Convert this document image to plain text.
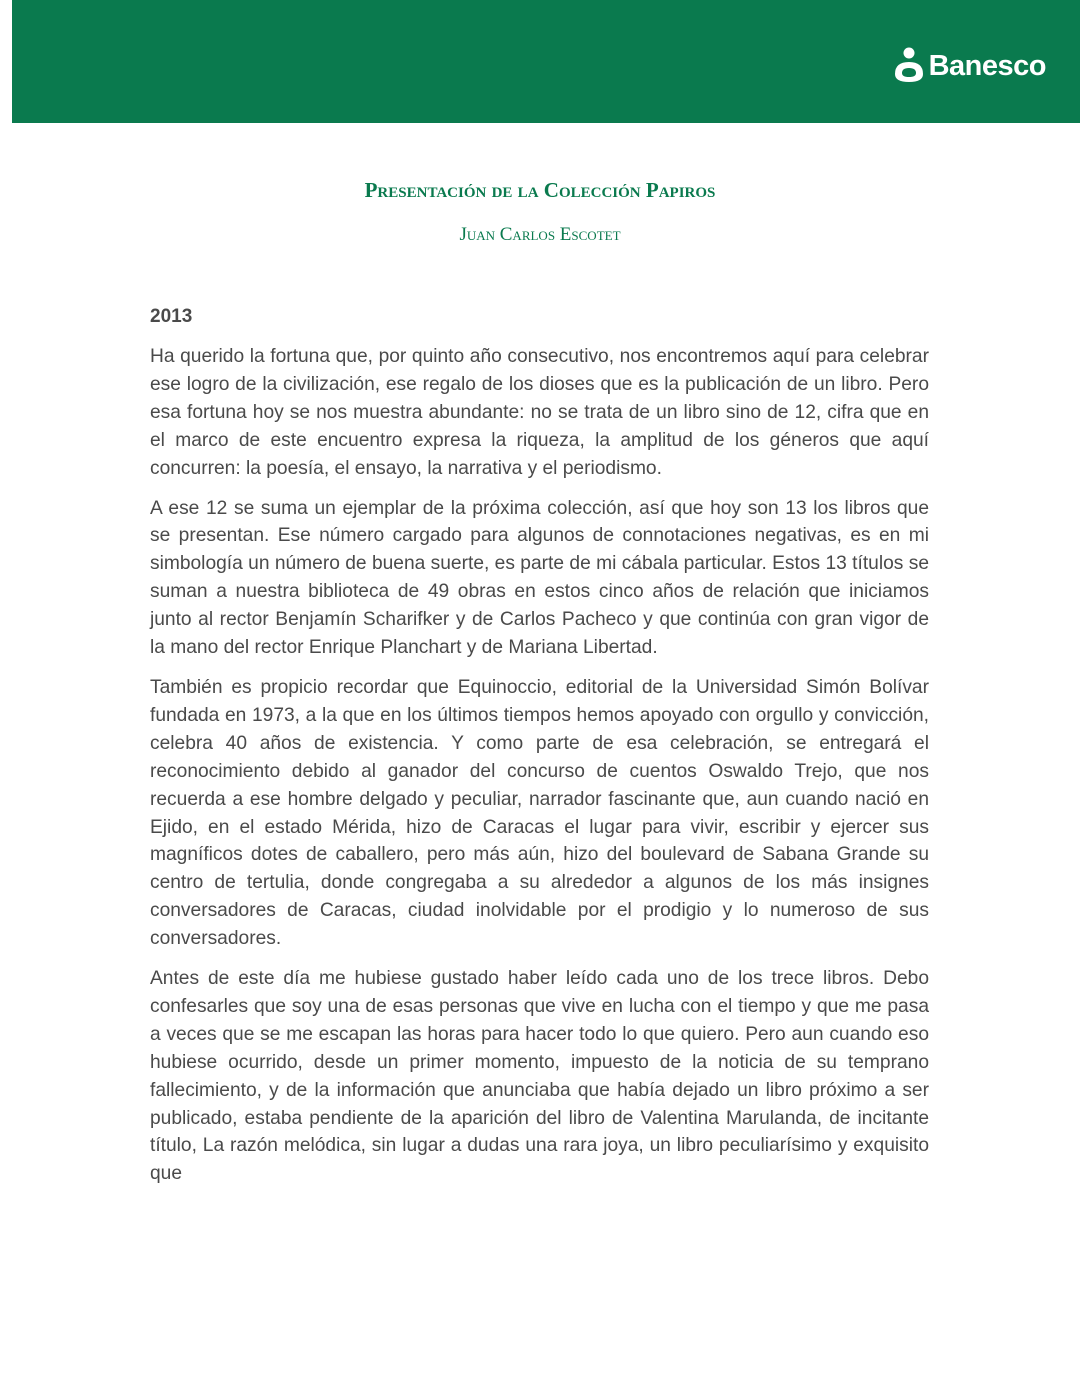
Banesco
Presentación de la Colección Papiros
Juan Carlos Escotet
2013

Ha querido la fortuna que, por quinto año consecutivo, nos encontremos aquí para celebrar ese logro de la civilización, ese regalo de los dioses que es la publicación de un libro. Pero esa fortuna hoy se nos muestra abundante: no se trata de un libro sino de 12, cifra que en el marco de este encuentro expresa la riqueza, la amplitud de los géneros que aquí concurren: la poesía, el ensayo, la narrativa y el periodismo.

A ese 12 se suma un ejemplar de la próxima colección, así que hoy son 13 los libros que se presentan. Ese número cargado para algunos de connotaciones negativas, es en mi simbología un número de buena suerte, es parte de mi cábala particular. Estos 13 títulos se suman a nuestra biblioteca de 49 obras en estos cinco años de relación que iniciamos junto al rector Benjamín Scharifker y de Carlos Pacheco y que continúa con gran vigor de la mano del rector Enrique Planchart y de Mariana Libertad.

También es propicio recordar que Equinoccio, editorial de la Universidad Simón Bolívar fundada en 1973, a la que en los últimos tiempos hemos apoyado con orgullo y convicción, celebra 40 años de existencia. Y como parte de esa celebración, se entregará el reconocimiento debido al ganador del concurso de cuentos Oswaldo Trejo, que nos recuerda a ese hombre delgado y peculiar, narrador fascinante que, aun cuando nació en Ejido, en el estado Mérida, hizo de Caracas el lugar para vivir, escribir y ejercer sus magníficos dotes de caballero, pero más aún, hizo del boulevard de Sabana Grande su centro de tertulia, donde congregaba a su alrededor a algunos de los más insignes conversadores de Caracas, ciudad inolvidable por el prodigio y lo numeroso de sus conversadores.

Antes de este día me hubiese gustado haber leído cada uno de los trece libros. Debo confesarles que soy una de esas personas que vive en lucha con el tiempo y que me pasa a veces que se me escapan las horas para hacer todo lo que quiero. Pero aun cuando eso hubiese ocurrido, desde un primer momento, impuesto de la noticia de su temprano fallecimiento, y de la información que anunciaba que había dejado un libro próximo a ser publicado, estaba pendiente de la aparición del libro de Valentina Marulanda, de incitante título, La razón melódica, sin lugar a dudas una rara joya, un libro peculiarísimo y exquisito que
